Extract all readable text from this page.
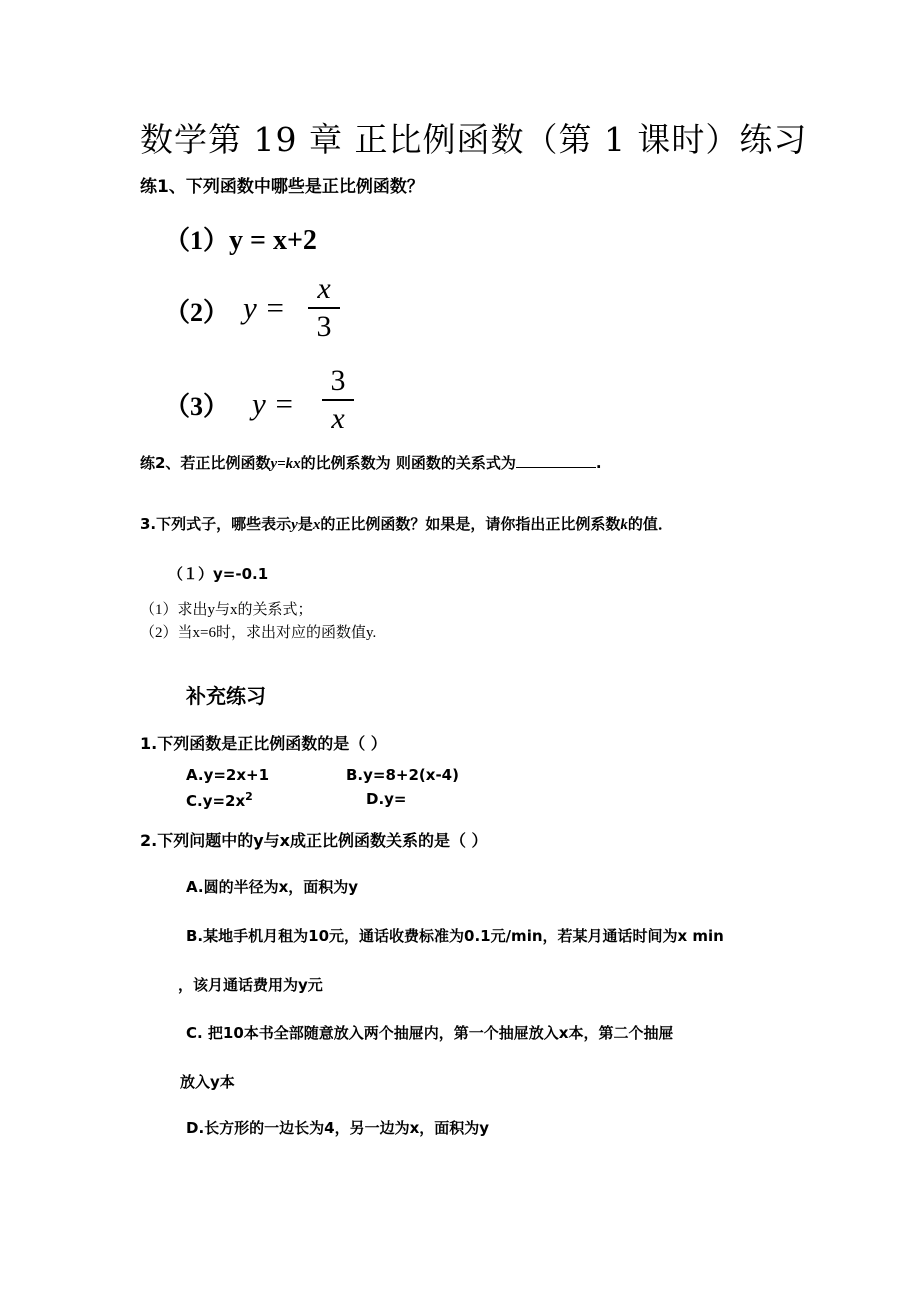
数学第 19 章 正比例函数（第 1 课时）练习
练1、下列函数中哪些是正比例函数？
（1）y = x+2
（2） y =
x
3
（3） y =
3
x
练2、若正比例函数y=kx的比例系数为 则函数的关系式为	.
3.下列式子，哪些表示y是x的正比例函数？如果是，请你指出正比例系数k的值．
（１）y=-0.1
（1）求出y与x的关系式；
（2）当x=6时，求出对应的函数值y.
补充练习
1.下列函数是正比例函数的是（ ）
A.y=2x+1	B.y=8+2(x-4)
$C.y=2x^2$	D.y=
2.下列问题中的y与x成正比例函数关系的是（ ）
A.圆的半径为x，面积为y
B.某地手机月租为10元，通话收费标准为0.1元/min，若某月通话时间为x min
，该月通话费用为y元
C. 把10本书全部随意放入两个抽屉内，第一个抽屉放入x本，第二个抽屉
放入y本
D.长方形的一边长为4，另一边为x，面积为y
